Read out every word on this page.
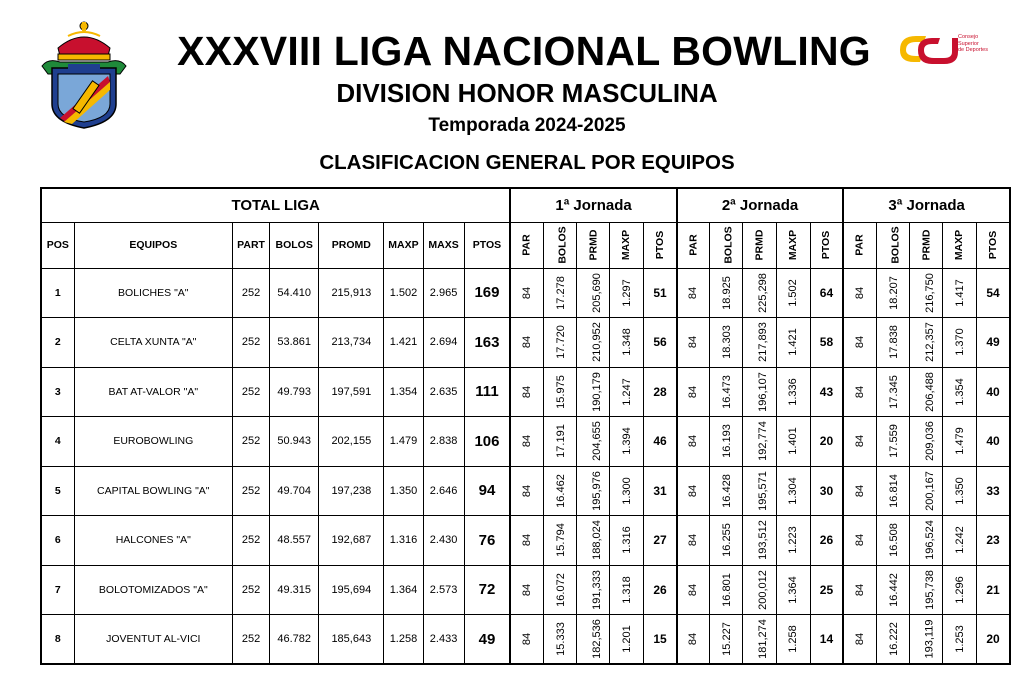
Consejo
Superior
de Deportes
XXXVIII LIGA NACIONAL BOWLING
DIVISION HONOR MASCULINA
Temporada 2024-2025
CLASIFICACION GENERAL POR EQUIPOS
TOTAL LIGA								1ª Jornada					2ª Jornada					3ª Jornada				
POS	EQUIPOS	PART	BOLOS	PROMD	MAXP	MAXS	PTOS	PAR	BOLOS	PRMD	MAXP	PTOS	PAR	BOLOS	PRMD	MAXP	PTOS	PAR	BOLOS	PRMD	MAXP	PTOS
1	BOLICHES "A"	252	54.410	215,913	1.502	2.965	169	84	17.278	205,690	1.297	51	84	18.925	225,298	1.502	64	84	18.207	216,750	1.417	54
2	CELTA XUNTA "A"	252	53.861	213,734	1.421	2.694	163	84	17.720	210,952	1.348	56	84	18.303	217,893	1.421	58	84	17.838	212,357	1.370	49
3	BAT AT-VALOR "A"	252	49.793	197,591	1.354	2.635	111	84	15.975	190,179	1.247	28	84	16.473	196,107	1.336	43	84	17.345	206,488	1.354	40
4	EUROBOWLING	252	50.943	202,155	1.479	2.838	106	84	17.191	204,655	1.394	46	84	16.193	192,774	1.401	20	84	17.559	209,036	1.479	40
5	CAPITAL BOWLING "A"	252	49.704	197,238	1.350	2.646	94	84	16.462	195,976	1.300	31	84	16.428	195,571	1.304	30	84	16.814	200,167	1.350	33
6	HALCONES "A"	252	48.557	192,687	1.316	2.430	76	84	15.794	188,024	1.316	27	84	16.255	193,512	1.223	26	84	16.508	196,524	1.242	23
7	BOLOTOMIZADOS "A"	252	49.315	195,694	1.364	2.573	72	84	16.072	191,333	1.318	26	84	16.801	200,012	1.364	25	84	16.442	195,738	1.296	21
8	JOVENTUT AL-VICI	252	46.782	185,643	1.258	2.433	49	84	15.333	182,536	1.201	15	84	15.227	181,274	1.258	14	84	16.222	193,119	1.253	20
